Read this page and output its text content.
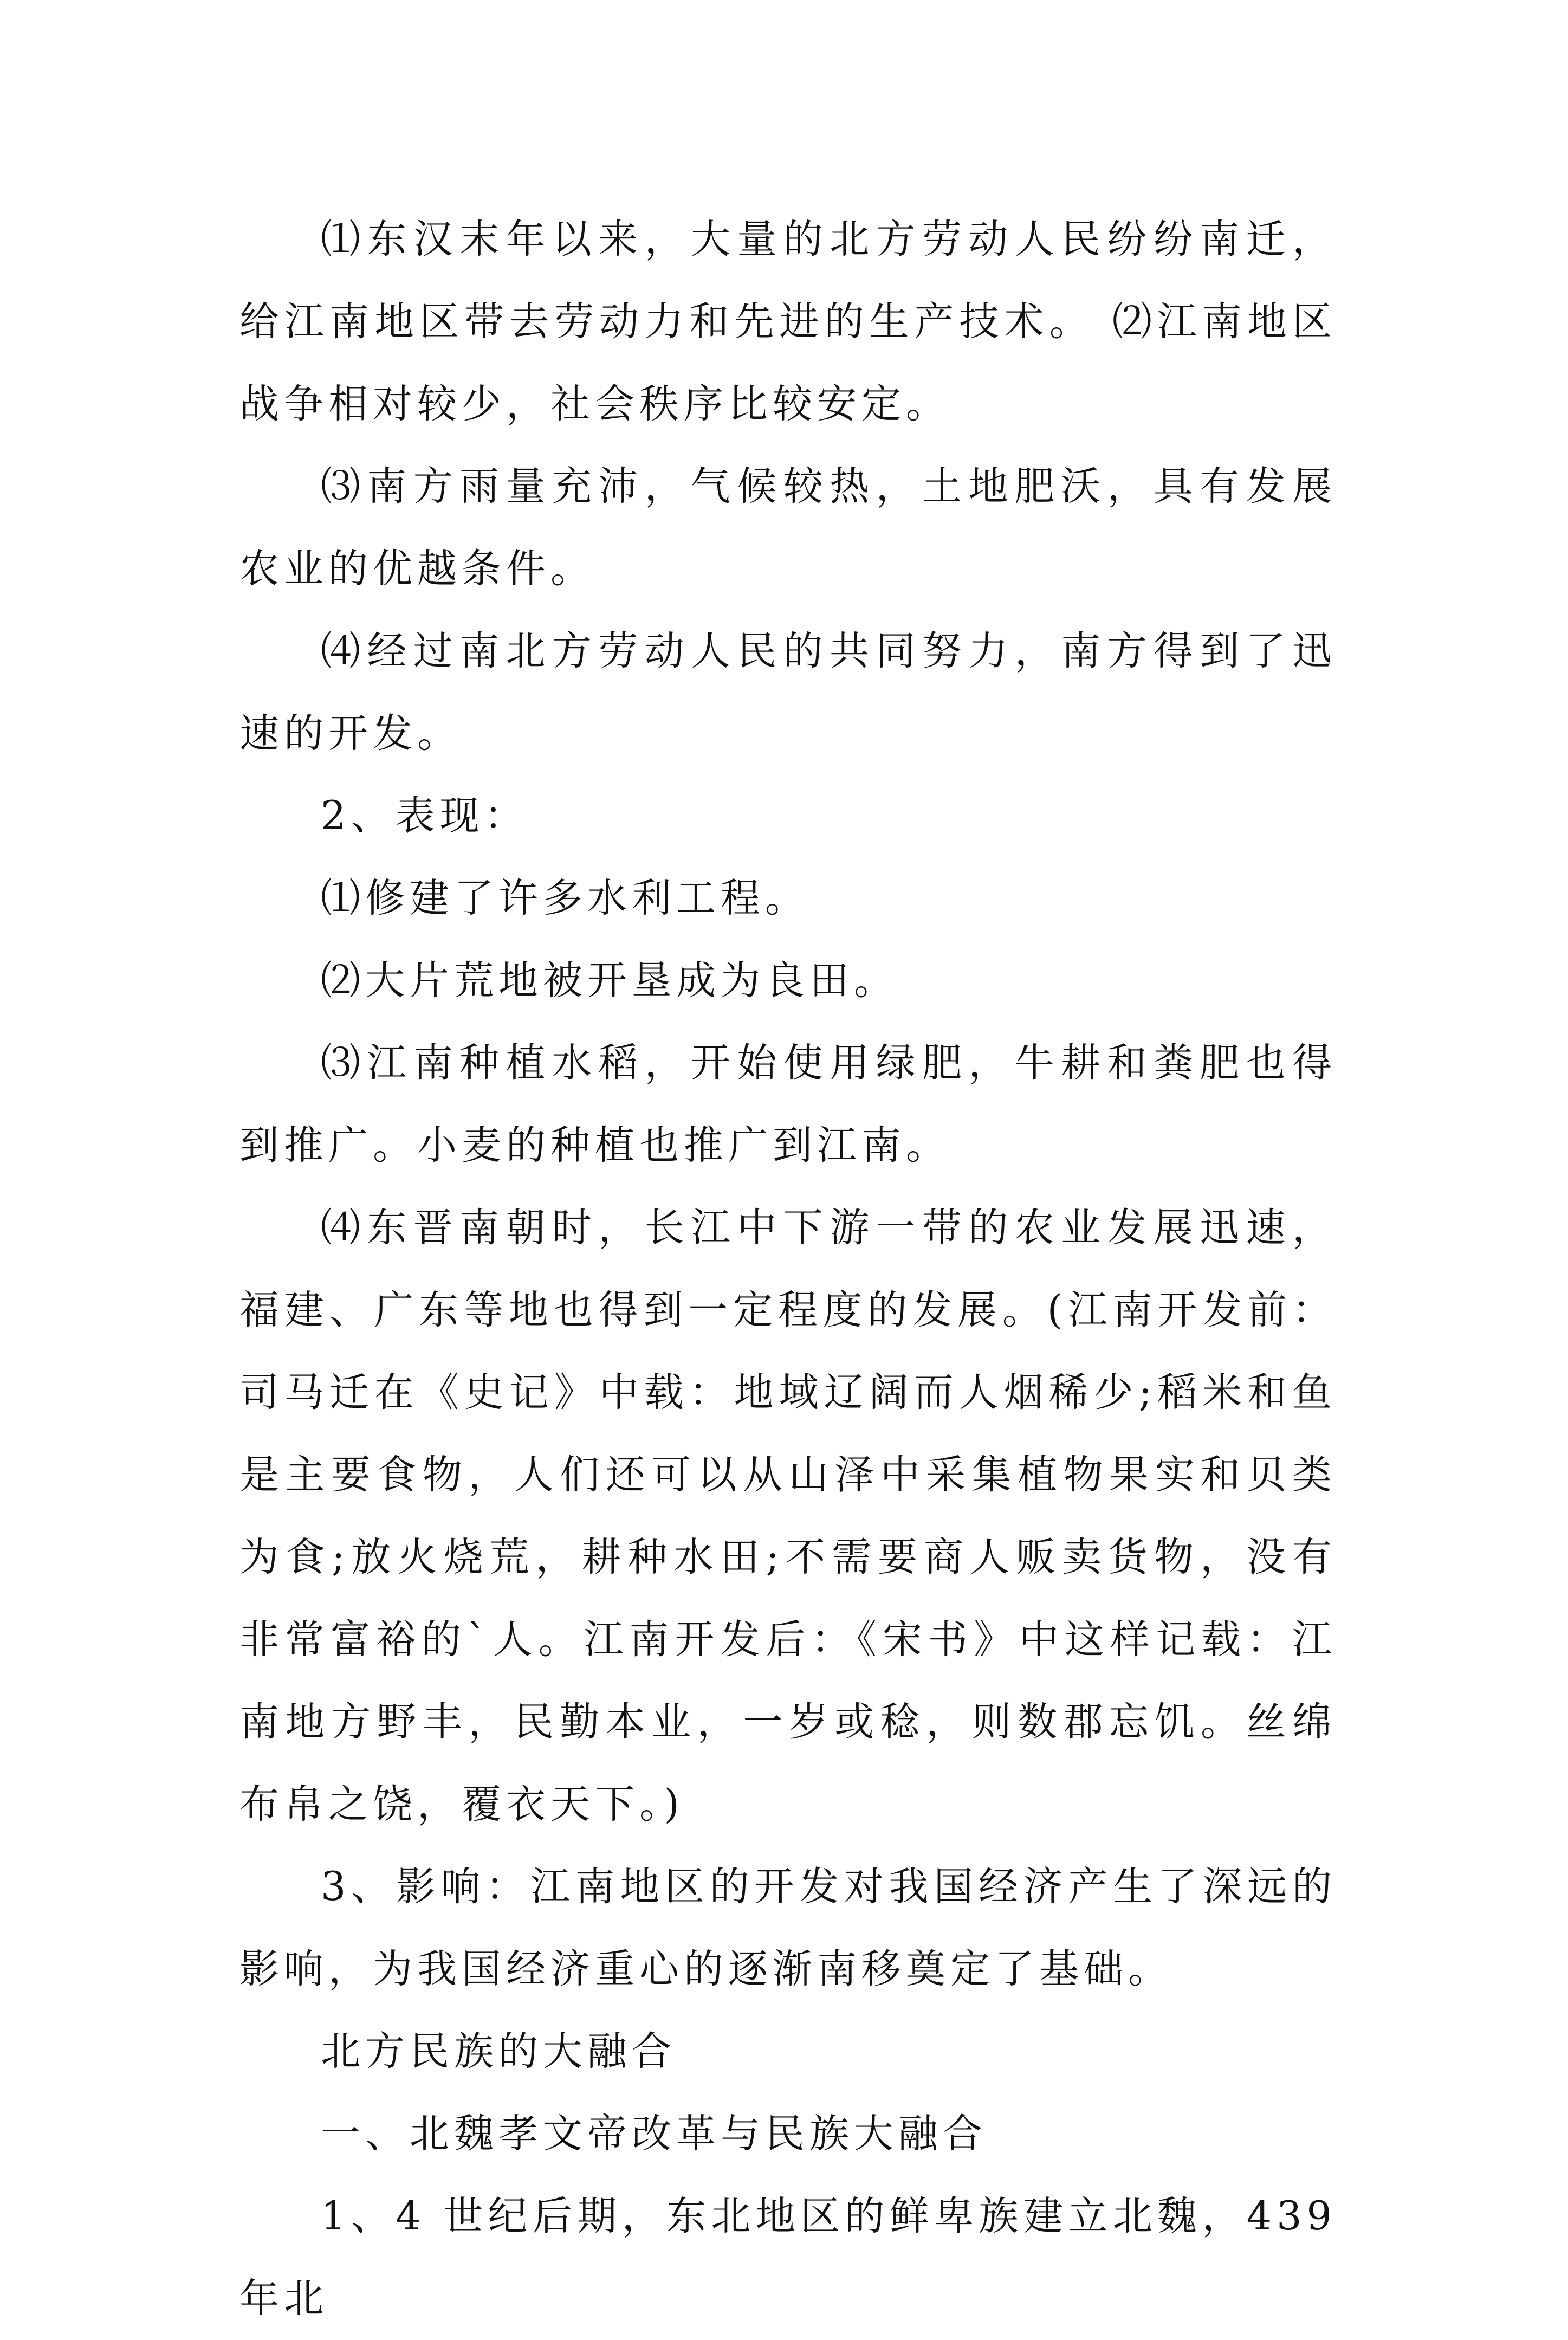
⑴东汉末年以来，大量的北方劳动人民纷纷南迁，给江南地区带去劳动力和先进的生产技术。 ⑵江南地区战争相对较少，社会秩序比较安定。

⑶南方雨量充沛，气候较热，土地肥沃，具有发展农业的优越条件。

⑷经过南北方劳动人民的共同努力，南方得到了迅速的开发。

2、表现：

⑴修建了许多水利工程。

⑵大片荒地被开垦成为良田。

⑶江南种植水稻，开始使用绿肥，牛耕和粪肥也得到推广。小麦的种植也推广到江南。

⑷东晋南朝时，长江中下游一带的农业发展迅速，福建、广东等地也得到一定程度的发展。(江南开发前：司马迁在《史记》中载：地域辽阔而人烟稀少;稻米和鱼是主要食物，人们还可以从山泽中采集植物果实和贝类为食;放火烧荒，耕种水田;不需要商人贩卖货物，没有非常富裕的`人。江南开发后：《宋书》中这样记载：江南地方野丰，民勤本业，一岁或稔，则数郡忘饥。丝绵布帛之饶，覆衣天下。)

3、影响：江南地区的开发对我国经济产生了深远的影响，为我国经济重心的逐渐南移奠定了基础。

北方民族的大融合

一、北魏孝文帝改革与民族大融合

1、4 世纪后期，东北地区的鲜卑族建立北魏，439 年北
